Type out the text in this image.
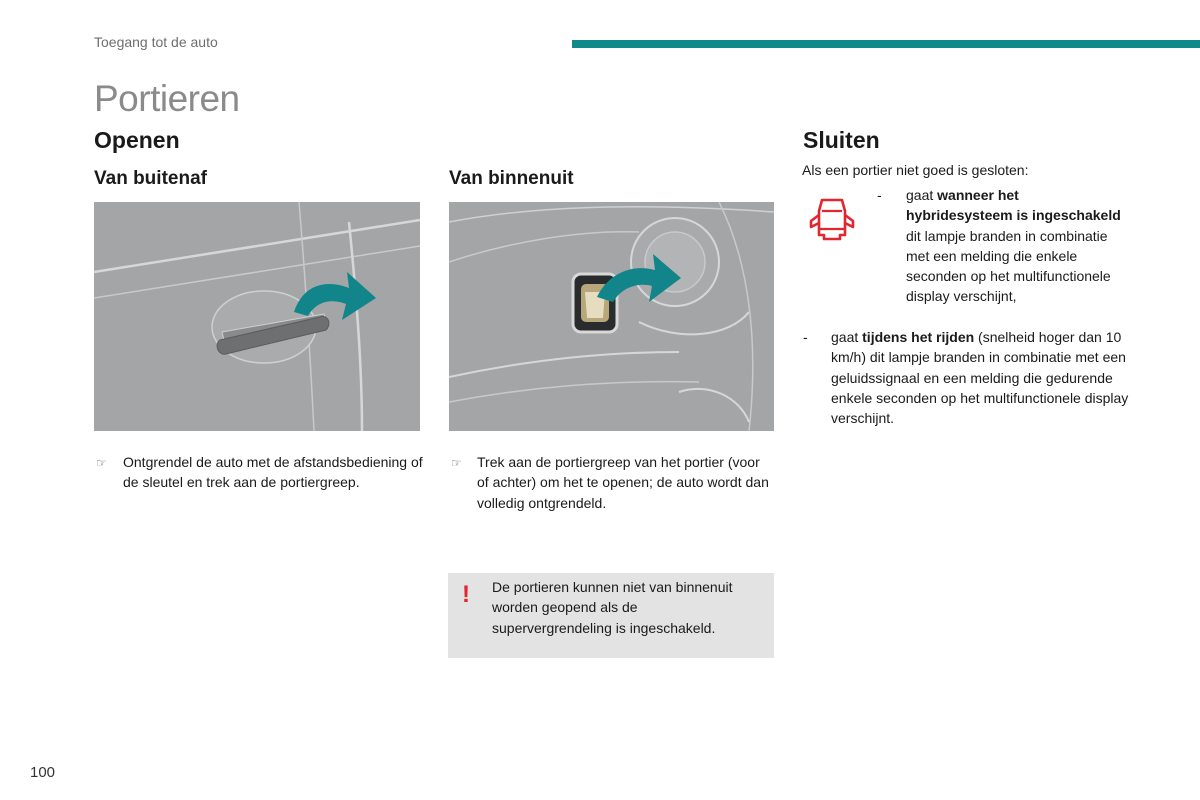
Toegang tot de auto
Portieren
Openen
Van buitenaf	Van binnenuit
☞ Ontgrendel de auto met de afstandsbediening of de sleutel en trek aan de portiergreep.
☞ Trek aan de portiergreep van het portier (voor of achter) om het te openen; de auto wordt dan volledig ontgrendeld.
! De portieren kunnen niet van binnenuit worden geopend als de supervergrendeling is ingeschakeld.
Sluiten
Als een portier niet goed is gesloten:
- gaat wanneer het hybridesysteem is ingeschakeld dit lampje branden in combinatie met een melding die enkele seconden op het multifunctionele display verschijnt,
- gaat tijdens het rijden (snelheid hoger dan 10 km/h) dit lampje branden in combinatie met een geluidssignaal en een melding die gedurende enkele seconden op het multifunctionele display verschijnt.
100
